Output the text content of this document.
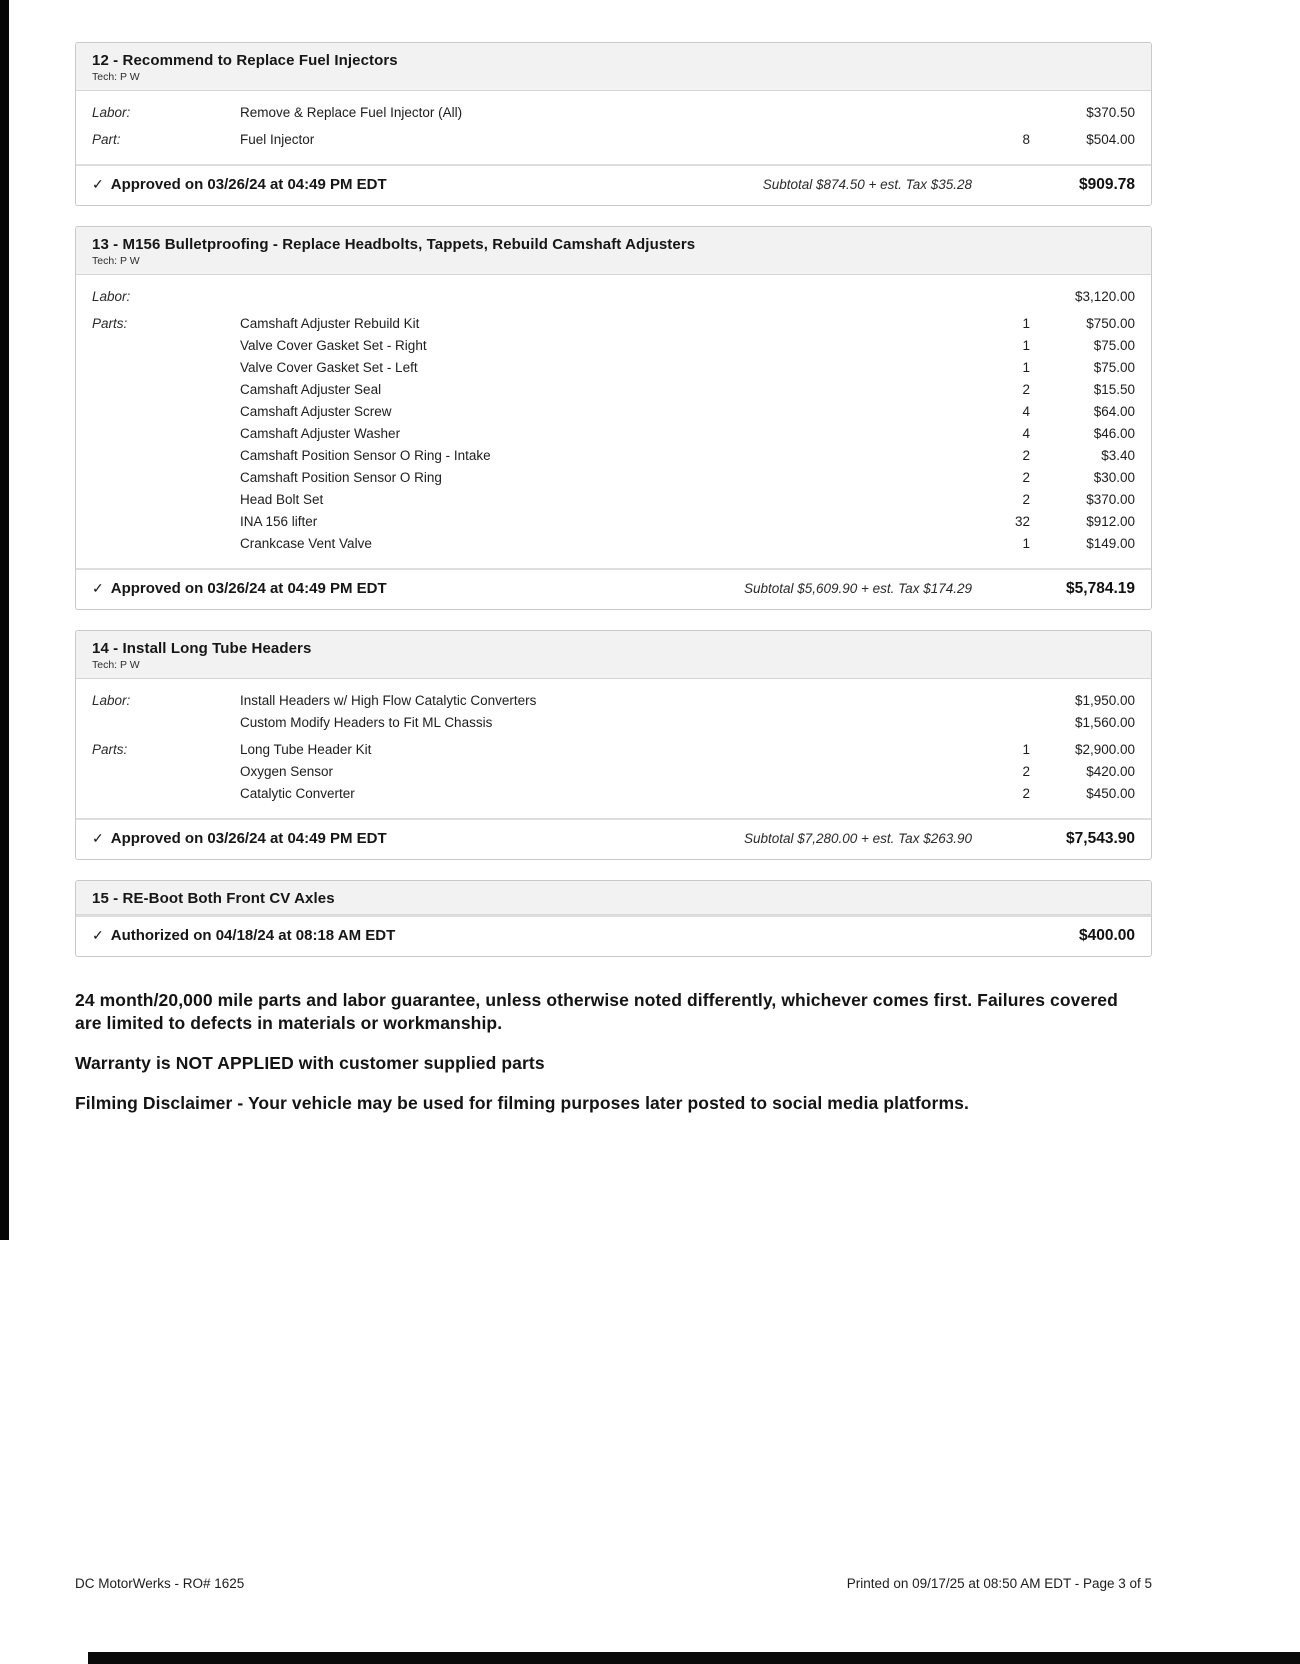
12 - Recommend to Replace Fuel Injectors
Tech: P W
Labor:	Remove & Replace Fuel Injector (All)	$370.50
Part:	Fuel Injector	8	$504.00
✓ Approved on 03/26/24 at 04:49 PM EDT	Subtotal $874.50 + est. Tax $35.28	$909.78
13 - M156 Bulletproofing - Replace Headbolts, Tappets, Rebuild Camshaft Adjusters
Tech: P W
Labor:	$3,120.00
Parts:	Camshaft Adjuster Rebuild Kit	1	$750.00
Valve Cover Gasket Set - Right	1	$75.00
Valve Cover Gasket Set - Left	1	$75.00
Camshaft Adjuster Seal	2	$15.50
Camshaft Adjuster Screw	4	$64.00
Camshaft Adjuster Washer	4	$46.00
Camshaft Position Sensor O Ring - Intake	2	$3.40
Camshaft Position Sensor O Ring	2	$30.00
Head Bolt Set	2	$370.00
INA 156 lifter	32	$912.00
Crankcase Vent Valve	1	$149.00
✓ Approved on 03/26/24 at 04:49 PM EDT	Subtotal $5,609.90 + est. Tax $174.29	$5,784.19
14 - Install Long Tube Headers
Tech: P W
Labor:	Install Headers w/ High Flow Catalytic Converters	$1,950.00
Custom Modify Headers to Fit ML Chassis	$1,560.00
Parts:	Long Tube Header Kit	1	$2,900.00
Oxygen Sensor	2	$420.00
Catalytic Converter	2	$450.00
✓ Approved on 03/26/24 at 04:49 PM EDT	Subtotal $7,280.00 + est. Tax $263.90	$7,543.90
15 - RE-Boot Both Front CV Axles
✓ Authorized on 04/18/24 at 08:18 AM EDT	$400.00

24 month/20,000 mile parts and labor guarantee, unless otherwise noted differently, whichever comes first. Failures covered are limited to defects in materials or workmanship.

Warranty is NOT APPLIED with customer supplied parts

Filming Disclaimer - Your vehicle may be used for filming purposes later posted to social media platforms.

DC MotorWerks - RO# 1625	Printed on 09/17/25 at 08:50 AM EDT - Page 3 of 5
